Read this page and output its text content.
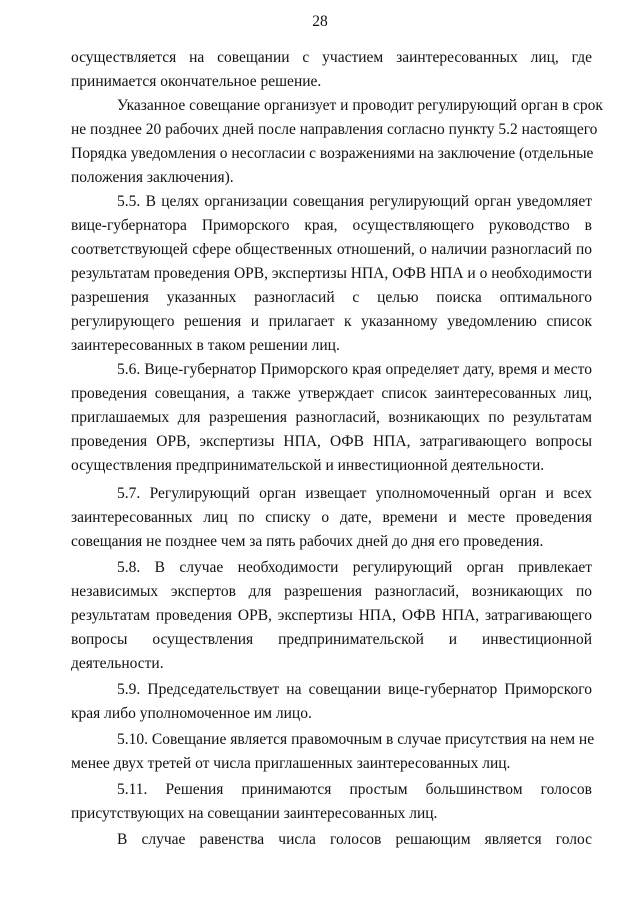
28
осуществляется на совещании с участием заинтересованных лиц, где
принимается окончательное решение.
Указанное совещание организует и проводит регулирующий орган в срок
не позднее 20 рабочих дней после направления согласно пункту 5.2 настоящего
Порядка уведомления о несогласии с возражениями на заключение (отдельные
положения заключения).
5.5. В целях организации совещания регулирующий орган уведомляет
вице-губернатора Приморского края, осуществляющего руководство в
соответствующей сфере общественных отношений, о наличии разногласий по
результатам проведения ОРВ, экспертизы НПА, ОФВ НПА и о необходимости
разрешения указанных разногласий с целью поиска оптимального
регулирующего решения и прилагает к указанному уведомлению список
заинтересованных в таком решении лиц.
5.6. Вице-губернатор Приморского края определяет дату, время и место
проведения совещания, а также утверждает список заинтересованных лиц,
приглашаемых для разрешения разногласий, возникающих по результатам
проведения ОРВ, экспертизы НПА, ОФВ НПА, затрагивающего вопросы
осуществления предпринимательской и инвестиционной деятельности.
5.7. Регулирующий орган извещает уполномоченный орган и всех
заинтересованных лиц по списку о дате, времени и месте проведения
совещания не позднее чем за пять рабочих дней до дня его проведения.
5.8. В случае необходимости регулирующий орган привлекает
независимых экспертов для разрешения разногласий, возникающих по
результатам проведения ОРВ, экспертизы НПА, ОФВ НПА, затрагивающего
вопросы осуществления предпринимательской и инвестиционной
деятельности.
5.9. Председательствует на совещании вице-губернатор Приморского
края либо уполномоченное им лицо.
5.10. Совещание является правомочным в случае присутствия на нем не
менее двух третей от числа приглашенных заинтересованных лиц.
5.11. Решения принимаются простым большинством голосов
присутствующих на совещании заинтересованных лиц.
В случае равенства числа голосов решающим является голос
